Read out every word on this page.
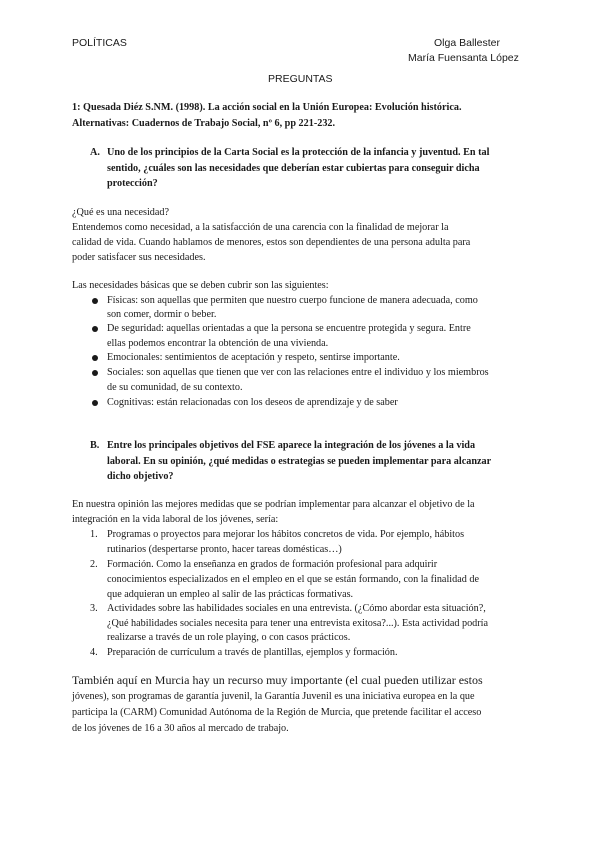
POLÍTICAS	Olga Ballester
María Fuensanta López
PREGUNTAS
1: Quesada Diéz S.NM. (1998). La acción social en la Unión Europea: Evolución histórica.
Alternativas: Cuadernos de Trabajo Social, nº 6, pp 221-232.
A. Uno de los principios de la Carta Social es la protección de la infancia y juventud. En tal
sentido, ¿cuáles son las necesidades que deberían estar cubiertas para conseguir dicha
protección?
¿Qué es una necesidad?
Entendemos como necesidad, a la satisfacción de una carencia con la finalidad de mejorar la
calidad de vida. Cuando hablamos de menores, estos son dependientes de una persona adulta para
poder satisfacer sus necesidades.
Las necesidades básicas que se deben cubrir son las siguientes:
Físicas: son aquellas que permiten que nuestro cuerpo funcione de manera adecuada, como
son comer, dormir o beber.
De seguridad: aquellas orientadas a que la persona se encuentre protegida y segura. Entre
ellas podemos encontrar la obtención de una vivienda.
Emocionales: sentimientos de aceptación y respeto, sentirse importante.
Sociales: son aquellas que tienen que ver con las relaciones entre el individuo y los miembros
de su comunidad, de su contexto.
Cognitivas: están relacionadas con los deseos de aprendizaje y de saber
B. Entre los principales objetivos del FSE aparece la integración de los jóvenes a la vida
laboral. En su opinión, ¿qué medidas o estrategias se pueden implementar para alcanzar
dicho objetivo?
En nuestra opinión las mejores medidas que se podrían implementar para alcanzar el objetivo de la
integración en la vida laboral de los jóvenes, sería:
1. Programas o proyectos para mejorar los hábitos concretos de vida. Por ejemplo, hábitos
rutinarios (despertarse pronto, hacer tareas domésticas…)
2. Formación. Como la enseñanza en grados de formación profesional para adquirir
conocimientos especializados en el empleo en el que se están formando, con la finalidad de
que adquieran un empleo al salir de las prácticas formativas.
3. Actividades sobre las habilidades sociales en una entrevista. (¿Cómo abordar esta situación?,
¿Qué habilidades sociales necesita para tener una entrevista exitosa?...). Esta actividad podría
realizarse a través de un role playing, o con casos prácticos.
4. Preparación de currículum a través de plantillas, ejemplos y formación.
También aquí en Murcia hay un recurso muy importante (el cual pueden utilizar estos
jóvenes), son programas de garantía juvenil, la Garantía Juvenil es una iniciativa europea en la que
participa la (CARM) Comunidad Autónoma de la Región de Murcia, que pretende facilitar el acceso
de los jóvenes de 16 a 30 años al mercado de trabajo.
